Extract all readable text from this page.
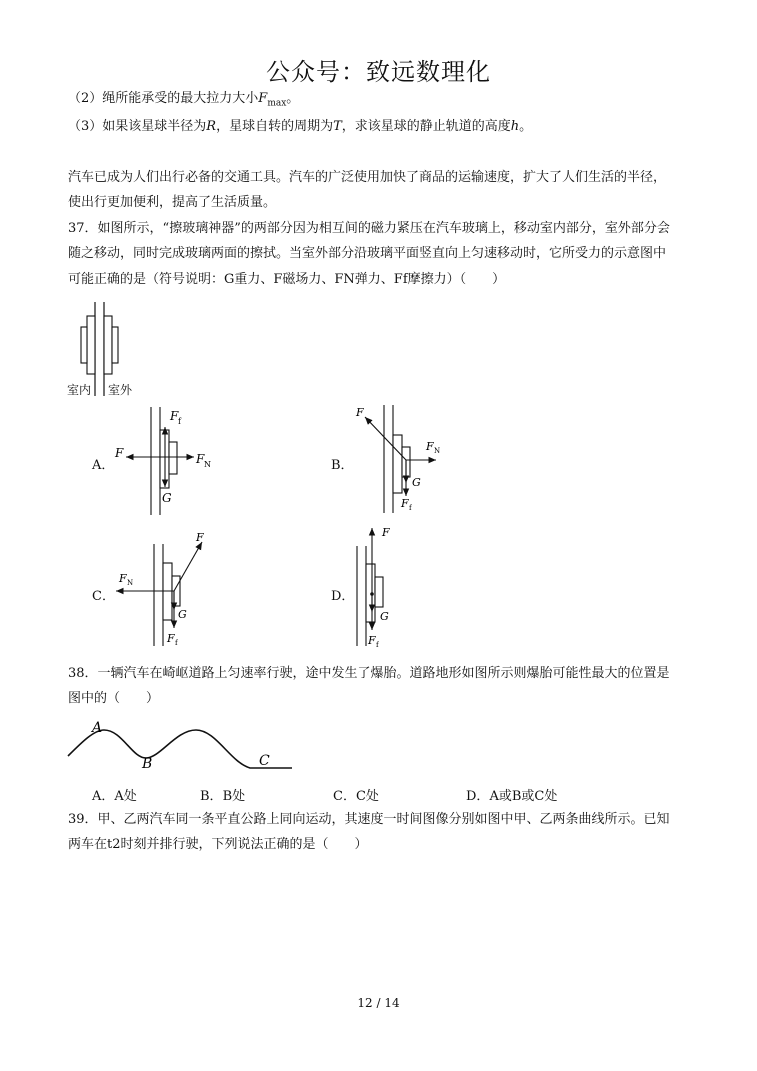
公众号：致远数理化
（2）绳所能承受的最大拉力大小$F_{max}$。
（3）如果该星球半径为R，星球自转的周期为T，求该星球的静止轨道的高度h。
汽车已成为人们出行必备的交通工具。汽车的广泛使用加快了商品的运输速度，扩大了人们生活的半径，
使出行更加便利，提高了生活质量。
37．如图所示，“擦玻璃神器”的两部分因为相互间的磁力紧压在汽车玻璃上，移动室内部分，室外部分会
随之移动，同时完成玻璃两面的擦拭。当室外部分沿玻璃平面竖直向上匀速移动时，它所受力的示意图中
可能正确的是（符号说明：G重力、F磁场力、FN弹力、Ff摩擦力）（　　）
室内 室外
A．
F	F N
F f
G
B．
F
F N
G
F f
C．
F
F N
G
F f
D．
F
G
F f
38．一辆汽车在崎岖道路上匀速率行驶，途中发生了爆胎。道路地形如图所示则爆胎可能性最大的位置是
图中的（　　）
A
B	C
A．A处	B．B处	C．C处	D．A或B或C处
39．甲、乙两汽车同一条平直公路上同向运动，其速度一时间图像分别如图中甲、乙两条曲线所示。已知
两车在t2时刻并排行驶，下列说法正确的是（　　）
12 / 14
